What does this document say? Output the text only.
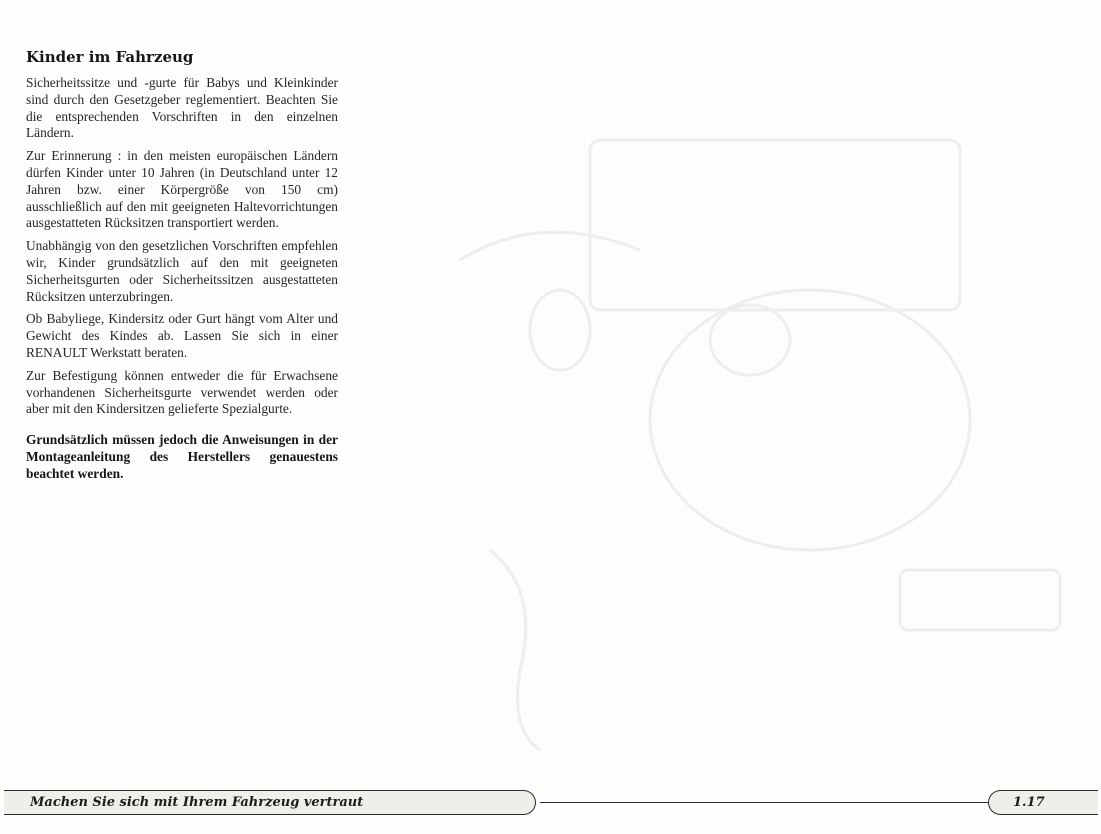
Kinder im Fahrzeug

Sicherheitssitze und -gurte für Babys und Kleinkinder sind durch den Gesetzgeber reglementiert. Beachten Sie die entsprechenden Vorschriften in den einzelnen Ländern.

Zur Erinnerung : in den meisten europäischen Ländern dürfen Kinder unter 10 Jahren (in Deutschland unter 12 Jahren bzw. einer Körpergröße von 150 cm) ausschließlich auf den mit geeigneten Haltevorrichtungen ausgestatteten Rücksitzen transportiert werden.

Unabhängig von den gesetzlichen Vorschriften empfehlen wir, Kinder grundsätzlich auf den mit geeigneten Sicherheitsgurten oder Sicherheitssitzen ausgestatteten Rücksitzen unterzubringen.

Ob Babyliege, Kindersitz oder Gurt hängt vom Alter und Gewicht des Kindes ab. Lassen Sie sich in einer RENAULT Werkstatt beraten.

Zur Befestigung können entweder die für Erwachsene vorhandenen Sicherheitsgurte verwendet werden oder aber mit den Kindersitzen gelieferte Spezialgurte.

Grundsätzlich müssen jedoch die Anweisungen in der Montageanleitung des Herstellers genauestens beachtet werden.

Machen Sie sich mit Ihrem Fahrzeug vertraut	1.17
